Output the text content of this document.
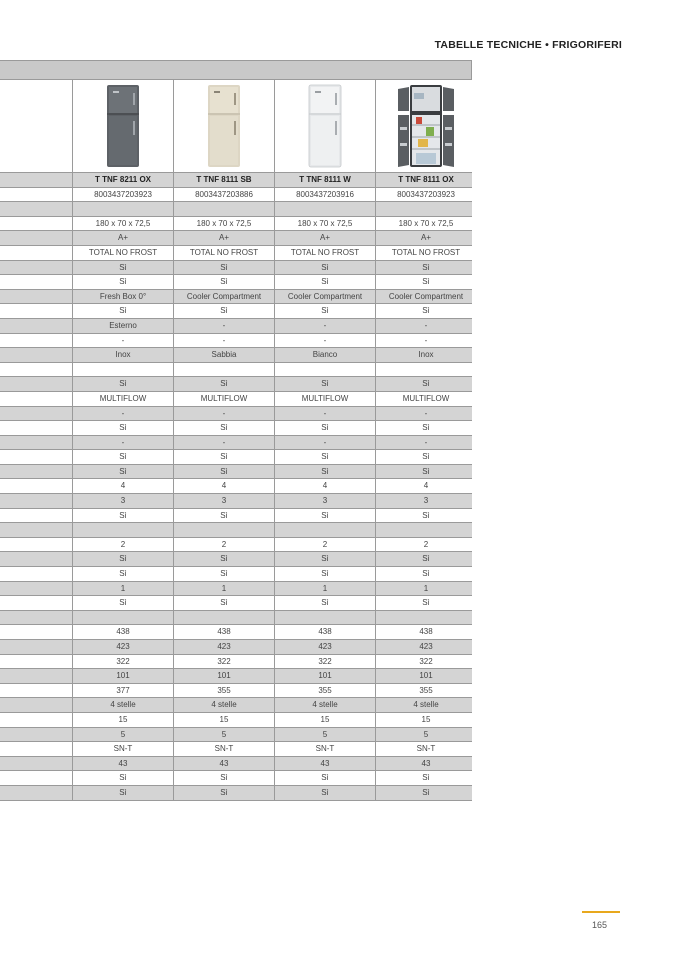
TABELLE TECNICHE • FRIGORIFERI
T TNF 8211 OX	T TNF 8111 SB	T TNF 8111 W	T TNF 8111 OX
8003437203923	8003437203886	8003437203916	8003437203923
180 x 70 x 72,5	180 x 70 x 72,5	180 x 70 x 72,5	180 x 70 x 72,5
A+	A+	A+	A+
TOTAL NO FROST	TOTAL NO FROST	TOTAL NO FROST	TOTAL NO FROST
Sì	Sì	Sì	Sì
Sì	Sì	Sì	Sì
Fresh Box 0°	Cooler Compartment	Cooler Compartment	Cooler Compartment
Sì	Sì	Sì	Sì
Esterno	-	-	-
-	-	-	-
Inox	Sabbia	Bianco	Inox
Sì	Sì	Sì	Sì
MULTIFLOW	MULTIFLOW	MULTIFLOW	MULTIFLOW
-	-	-	-
Sì	Sì	Sì	Sì
-	-	-	-
Sì	Sì	Sì	Sì
Sì	Sì	Sì	Sì
4	4	4	4
3	3	3	3
Sì	Sì	Sì	Sì
2	2	2	2
Sì	Sì	Sì	Sì
Sì	Sì	Sì	Sì
1	1	1	1
Sì	Sì	Sì	Sì
438	438	438	438
423	423	423	423
322	322	322	322
101	101	101	101
377	355	355	355
4 stelle	4 stelle	4 stelle	4 stelle
15	15	15	15
5	5	5	5
SN-T	SN-T	SN-T	SN-T
43	43	43	43
Sì	Sì	Sì	Sì
Sì	Sì	Sì	Sì
165
